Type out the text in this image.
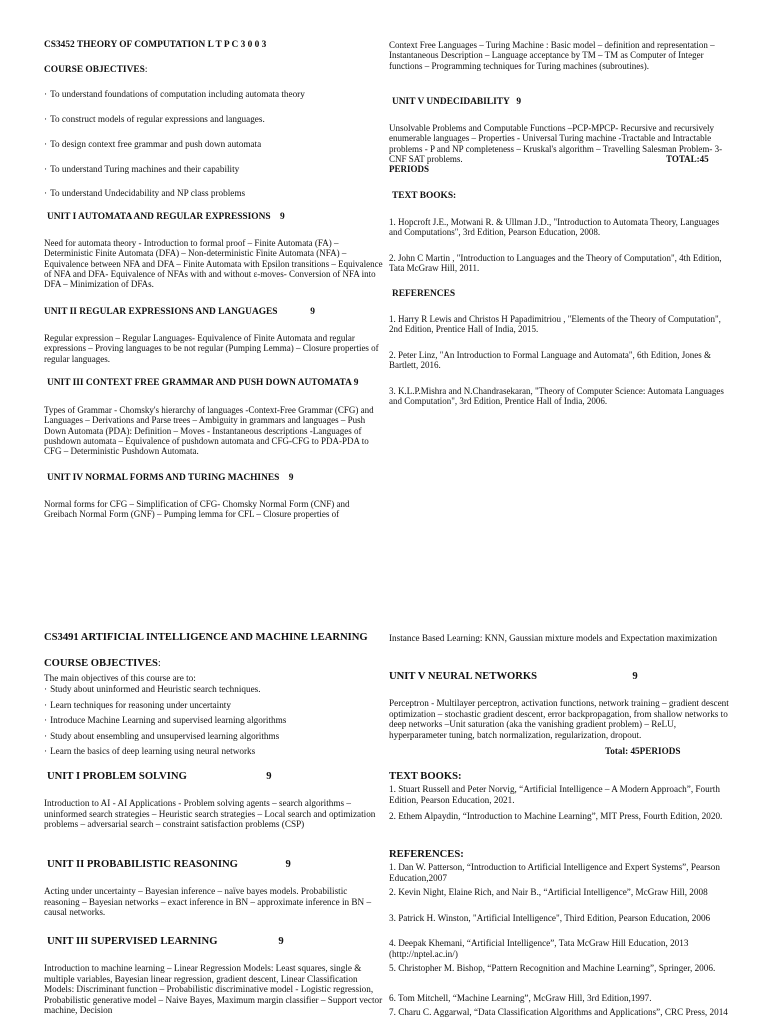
CS3452 THEORY OF COMPUTATION L T P C 3 0 0 3

COURSE OBJECTIVES:

· To understand foundations of computation including automata theory

· To construct models of regular expressions and languages.

· To design context free grammar and push down automata

· To understand Turing machines and their capability

· To understand Undecidability and NP class problems

UNIT I AUTOMATA AND REGULAR EXPRESSIONS    9

Need for automata theory - Introduction to formal proof – Finite Automata (FA) – Deterministic Finite Automata (DFA) – Non-deterministic Finite Automata (NFA) – Equivalence between NFA and DFA – Finite Automata with Epsilon transitions – Equivalence of NFA and DFA- Equivalence of NFAs with and without ε-moves- Conversion of NFA into DFA – Minimization of DFAs.

UNIT II REGULAR EXPRESSIONS AND LANGUAGES              9

Regular expression – Regular Languages- Equivalence of Finite Automata and regular expressions – Proving languages to be not regular (Pumping Lemma) – Closure properties of regular languages.

UNIT III CONTEXT FREE GRAMMAR AND PUSH DOWN AUTOMATA 9

Types of Grammar - Chomsky's hierarchy of languages -Context-Free Grammar (CFG) and Languages – Derivations and Parse trees – Ambiguity in grammars and languages – Push Down Automata (PDA): Definition – Moves - Instantaneous descriptions -Languages of pushdown automata – Equivalence of pushdown automata and CFG-CFG to PDA-PDA to CFG – Deterministic Pushdown Automata.

UNIT IV NORMAL FORMS AND TURING MACHINES    9

Normal forms for CFG – Simplification of CFG- Chomsky Normal Form (CNF) and Greibach Normal Form (GNF) – Pumping lemma for CFL – Closure properties of

Context Free Languages – Turing Machine : Basic model – definition and representation – Instantaneous Description – Language acceptance by TM – TM as Computer of Integer functions – Programming techniques for Turing machines (subroutines).

UNIT V UNDECIDABILITY   9

Unsolvable Problems and Computable Functions –PCP-MPCP- Recursive and recursively enumerable languages – Properties - Universal Turing machine -Tractable and Intractable problems - P and NP completeness – Kruskal's algorithm – Travelling Salesman Problem- 3-CNF SAT problems.	TOTAL:45

PERIODS

TEXT BOOKS:

1. Hopcroft J.E., Motwani R. & Ullman J.D., "Introduction to Automata Theory, Languages and Computations", 3rd Edition, Pearson Education, 2008.

2. John C Martin , "Introduction to Languages and the Theory of Computation", 4th Edition, Tata McGraw Hill, 2011.

REFERENCES

1. Harry R Lewis and Christos H Papadimitriou , "Elements of the Theory of Computation", 2nd Edition, Prentice Hall of India, 2015.

2. Peter Linz, "An Introduction to Formal Language and Automata", 6th Edition, Jones & Bartlett, 2016.

3. K.L.P.Mishra and N.Chandrasekaran, "Theory of Computer Science: Automata Languages and Computation", 3rd Edition, Prentice Hall of India, 2006.

CS3491 ARTIFICIAL INTELLIGENCE AND MACHINE LEARNING

COURSE OBJECTIVES:

The main objectives of this course are to:

· Study about uninformed and Heuristic search techniques.
· Learn techniques for reasoning under uncertainty
· Introduce Machine Learning and supervised learning algorithms
· Study about ensembling and unsupervised learning algorithms
· Learn the basics of deep learning using neural networks

UNIT I PROBLEM SOLVING                              9

Introduction to AI - AI Applications - Problem solving agents – search algorithms – uninformed search strategies – Heuristic search strategies – Local search and optimization problems – adversarial search – constraint satisfaction problems (CSP)

UNIT II PROBABILISTIC REASONING                  9

Acting under uncertainty – Bayesian inference – naïve bayes models. Probabilistic reasoning – Bayesian networks – exact inference in BN – approximate inference in BN – causal networks.

UNIT III SUPERVISED LEARNING                       9

Introduction to machine learning – Linear Regression Models: Least squares, single & multiple variables, Bayesian linear regression, gradient descent, Linear Classification Models: Discriminant function – Probabilistic discriminative model - Logistic regression, Probabilistic generative model – Naive Bayes, Maximum margin classifier – Support vector machine, Decision

Instance Based Learning: KNN, Gaussian mixture models and Expectation maximization

UNIT V NEURAL NETWORKS                                    9

Perceptron - Multilayer perceptron, activation functions, network training – gradient descent optimization – stochastic gradient descent, error backpropagation, from shallow networks to deep networks –Unit saturation (aka the vanishing gradient problem) – ReLU, hyperparameter tuning, batch normalization, regularization, dropout.

Total: 45PERIODS

TEXT BOOKS:

1. Stuart Russell and Peter Norvig, “Artificial Intelligence – A Modern Approach”, Fourth Edition, Pearson Education, 2021.

2. Ethem Alpaydin, “Introduction to Machine Learning”, MIT Press, Fourth Edition, 2020.

REFERENCES:

1. Dan W. Patterson, “Introduction to Artificial Intelligence and Expert Systems”, Pearson Education,2007

2. Kevin Night, Elaine Rich, and Nair B., “Artificial Intelligence”, McGraw Hill, 2008

3. Patrick H. Winston, "Artificial Intelligence", Third Edition, Pearson Education, 2006

4. Deepak Khemani, “Artificial Intelligence”, Tata McGraw Hill Education, 2013 (http://nptel.ac.in/)

5. Christopher M. Bishop, “Pattern Recognition and Machine Learning”, Springer, 2006.

6. Tom Mitchell, “Machine Learning”, McGraw Hill, 3rd Edition,1997.

7. Charu C. Aggarwal, “Data Classification Algorithms and Applications”, CRC Press, 2014
